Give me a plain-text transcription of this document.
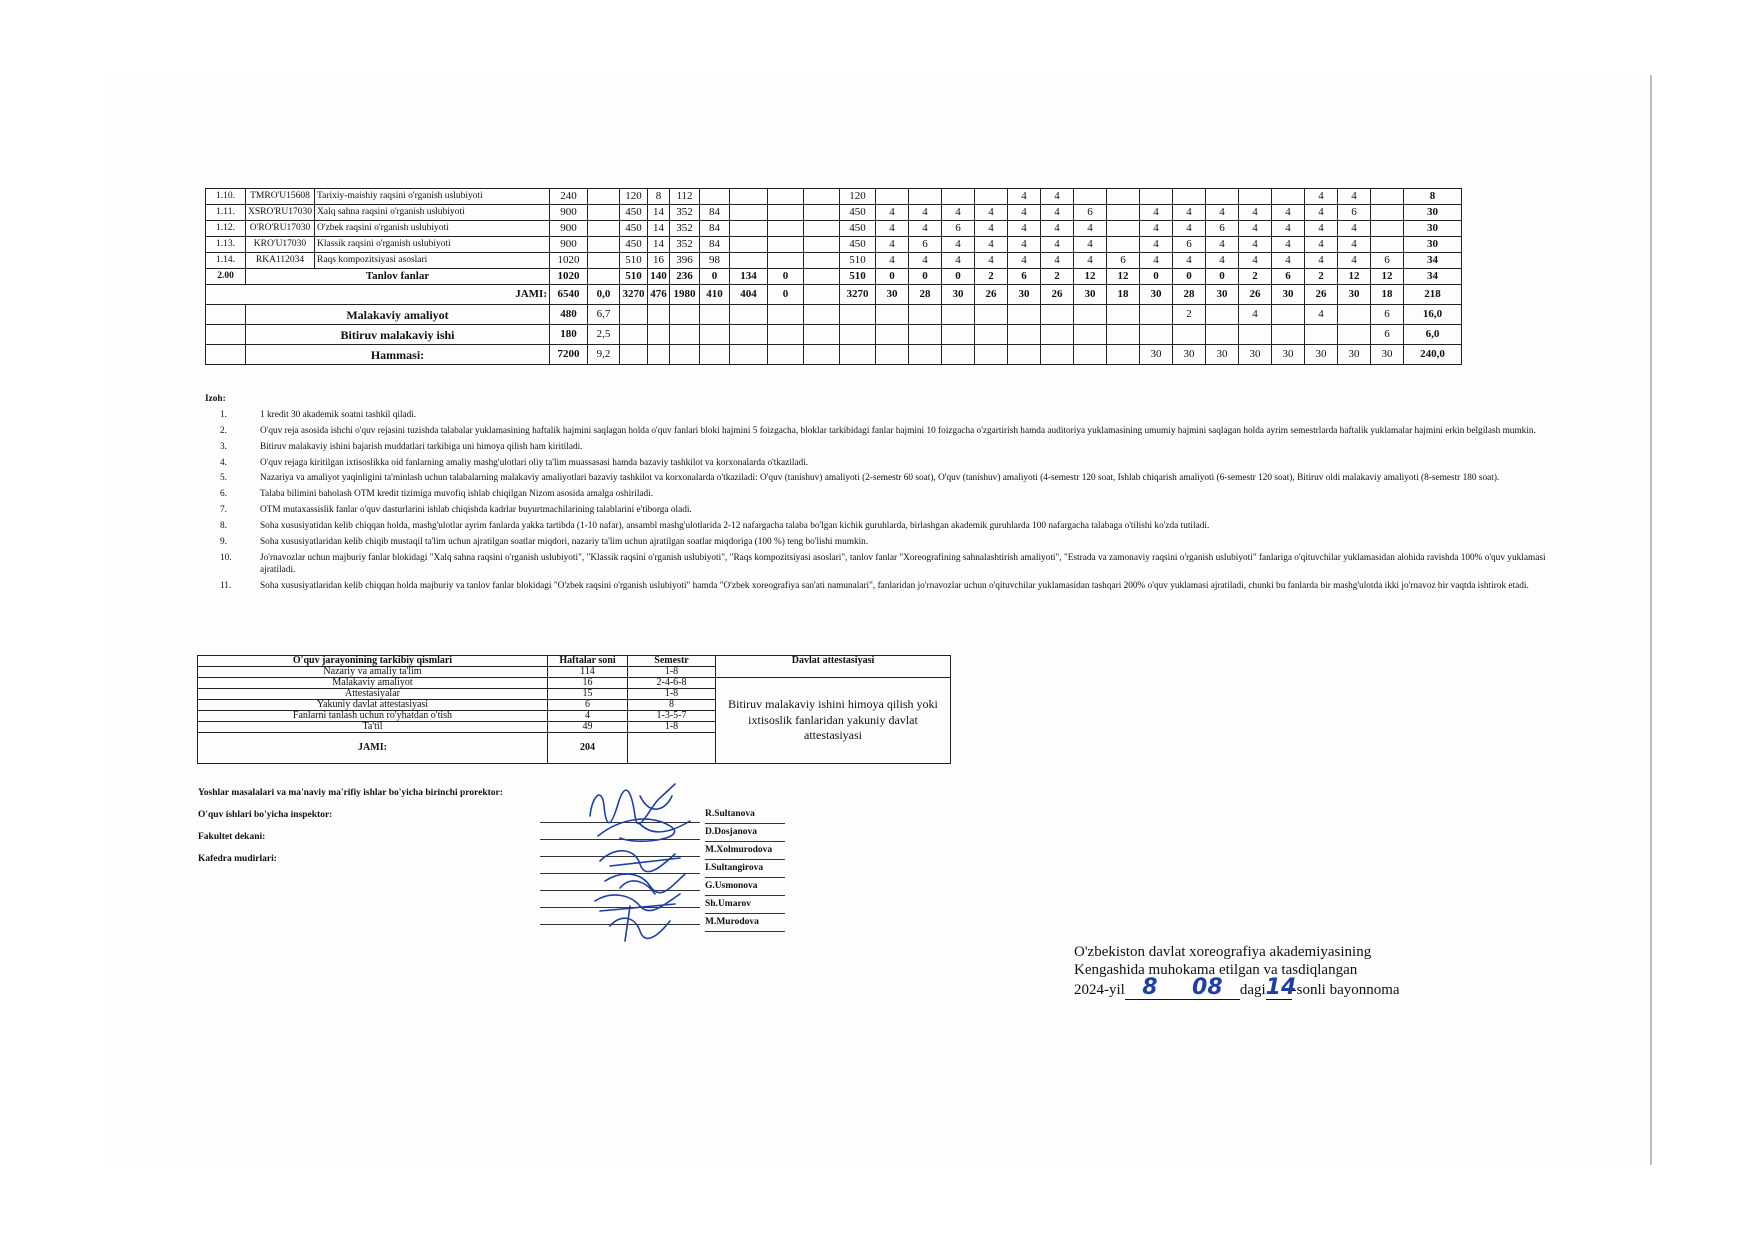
1.10.	TMRO'U15608	Tarixiy-maishiy raqsini o'rganish uslubiyoti	240		120	8	112					120					4	4								4	4		8
1.11.	XSRO'RU17030	Xalq sahna raqsini o'rganish uslubiyoti	900		450	14	352	84				450	4	4	4	4	4	4	6		4	4	4	4	4	4	6		30
1.12.	O'RO'RU17030	O'zbek raqsini o'rganish uslubiyoti	900		450	14	352	84				450	4	4	6	4	4	4	4		4	4	6	4	4	4	4		30
1.13.	KRO'U17030	Klassik raqsini o'rganish uslubiyoti	900		450	14	352	84				450	4	6	4	4	4	4	4		4	6	4	4	4	4	4		30
1.14.	RKA112034	Raqs kompozitsiyasi asoslari	1020		510	16	396	98				510	4	4	4	4	4	4	4	6	4	4	4	4	4	4	4	6	34
2.00	Tanlov fanlar		1020		510	140	236	0	134	0		510	0	0	0	2	6	2	12	12	0	0	0	2	6	2	12	12	34
JAMI:			6540	0,0	3270	476	1980	410	404	0		3270	30	28	30	26	30	26	30	18	30	28	30	26	30	26	30	18	218
	Malakaviy amaliyot		480	6,7																		2		4		4		6	16,0
	Bitiruv malakaviy ishi		180	2,5																								6	6,0
	Hammasi:		7200	9,2																	30	30	30	30	30	30	30	30	240,0
Izoh:
1.	1 kredit 30 akademik soatni tashkil qiladi.
2.	O'quv reja asosida ishchi o'quv rejasini tuzishda talabalar yuklamasining haftalik hajmini saqlagan holda o'quv fanlari bloki hajmini 5 foizgacha, bloklar tarkibidagi fanlar hajmini 10 foizgacha o'zgartirish hamda auditoriya yuklamasining umumiy hajmini saqlagan holda ayrim semestrlarda haftalik yuklamalar hajmini erkin belgilash mumkin.
3.	Bitiruv malakaviy ishini bajarish muddatlari tarkibiga uni himoya qilish ham kiritiladi.
4.	O'quv rejaga kiritilgan ixtisoslikka oid fanlarning amaliy mashg'ulotlari oliy ta'lim muassasasi hamda bazaviy tashkilot va korxonalarda o'tkaziladi.
5.	Nazariya va amaliyot yaqinligini ta'minlash uchun talabalarning malakaviy amaliyotlari bazaviy tashkilot va korxonalarda o'tkaziladi: O'quv (tanishuv) amaliyoti (2-semestr 60 soat), O'quv (tanishuv) amaliyoti (4-semestr 120 soat, Ishlab chiqarish amaliyoti (6-semestr 120 soat), Bitiruv oldi malakaviy amaliyoti (8-semestr 180 soat).
6.	Talaba bilimini baholash OTM kredit tizimiga muvofiq ishlab chiqilgan Nizom asosida amalga oshiriladi.
7.	OTM mutaxassislik fanlar o'quv dasturlarini ishlab chiqishda kadrlar buyurtmachilarining talablarini e'tiborga oladi.
8.	Soha xususiyatidan kelib chiqqan holda, mashg'ulotlar ayrim fanlarda yakka tartibda (1-10 nafar), ansambl mashg'ulotlarida 2-12 nafargacha talaba bo'lgan kichik guruhlarda, birlashgan akademik guruhlarda 100 nafargacha talabaga o'tilishi ko'zda tutiladi.
9.	Soha xususiyatlaridan kelib chiqib mustaqil ta'lim uchun ajratilgan soatlar miqdori, nazariy ta'lim uchun ajratilgan soatlar miqdoriga (100 %) teng bo'lishi mumkin.
10.	Jo'rnavozlar uchun majburiy fanlar blokidagi "Xalq sahna raqsini o'rganish uslubiyoti", "Klassik raqsini o'rganish uslubiyoti", "Raqs kompozitsiyasi asoslari", tanlov fanlar "Xoreografining sahnalashtirish amaliyoti", "Estrada va zamonaviy raqsini o'rganish uslubiyoti" fanlariga o'qituvchilar yuklamasidan alohida ravishda 100% o'quv yuklamasi ajratiladi.
11.	Soha xususiyatlaridan kelib chiqqan holda majburiy va tanlov fanlar blokidagi "O'zbek raqsini o'rganish uslubiyoti" hamda "O'zbek xoreografiya san'ati namunalari", fanlaridan jo'rnavozlar uchun o'qituvchilar yuklamasidan tashqari 200% o'quv yuklamasi ajratiladi, chunki bu fanlarda bir mashg'ulotda ikki jo'rnavoz bir vaqtda ishtirok etadi.
O'quv jarayonining tarkibiy qismlari	Haftalar soni	Semestr	Davlat attestasiyasi
Nazariy va amaliy ta'lim	114	1-8	
Malakaviy amaliyot	16	2-4-6-8	Bitiruv malakaviy ishini himoya qilish yoki ixtisoslik fanlaridan yakuniy davlat attestasiyasi
Attestasiyalar	15	1-8	
Yakuniy davlat attestasiyasi	6	8	
Fanlarni tanlash uchun ro'yhatdan o'tish	4	1-3-5-7	
Ta'til	49	1-8	
JAMI:	204		
Yoshlar masalalari va ma'naviy ma'rifiy ishlar bo'yicha birinchi prorektor:
O'quv ishlari bo'yicha inspektor:
Fakultet dekani:
Kafedra mudirlari:
R.Sultanova
D.Dosjanova
M.Xolmurodova
I.Sultangirova
G.Usmonova
Sh.Umarov
M.Murodova
O'zbekiston davlat xoreografiya akademiyasining
Kengashida muhokama etilgan va tasdiqlangan
2024-yil 8 08 dagi14-sonli bayonnoma
